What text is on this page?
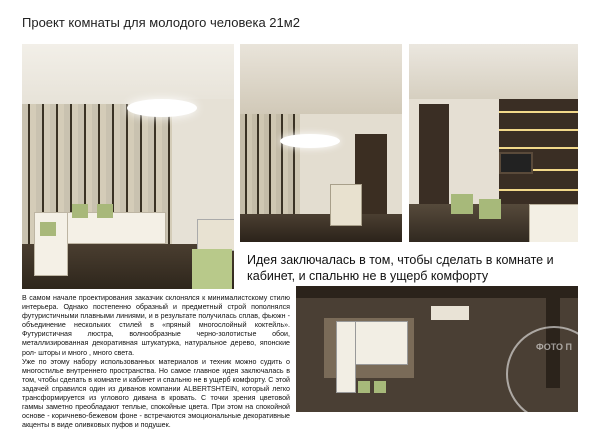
Проект комнаты для молодого человека 21м2
Идея заключалась в том, чтобы сделать в комнате и кабинет, и спальню не в ущерб комфорту

В самом начале проектирования заказчик склонялся к минималистскому стилю интерьера. Однако постепенно образный и предметный строй пополнялся футуристичными плавными линиями, и в результате получилась сплав, фьюжн - объединение нескольких стилей в «пряный многослойный коктейль». Футуристичная люстра, волнообразные черно-золотистые обои, металлизированная декоративная штукатурка, натуральное дерево, японские рол- шторы и много , много света.

Уже по этому набору использованных материалов и техник можно судить о многостилье внутреннего пространства. Но самое главное идея заключалась в том, чтобы сделать в комнате и кабинет и спальню не в ущерб комфорту. С этой задачей справился один из диванов компании ALBERTSHTEIN, который легко трансформируется из углового дивана в кровать. С точки зрения цветовой гаммы заметно преобладают теплые, спокойные цвета. При этом на спокойной основе - коричнево-бежевом фоне - встречаются эмоциональные декоративные акценты в виде оливковых пуфов и подушек.

ФОТО П
